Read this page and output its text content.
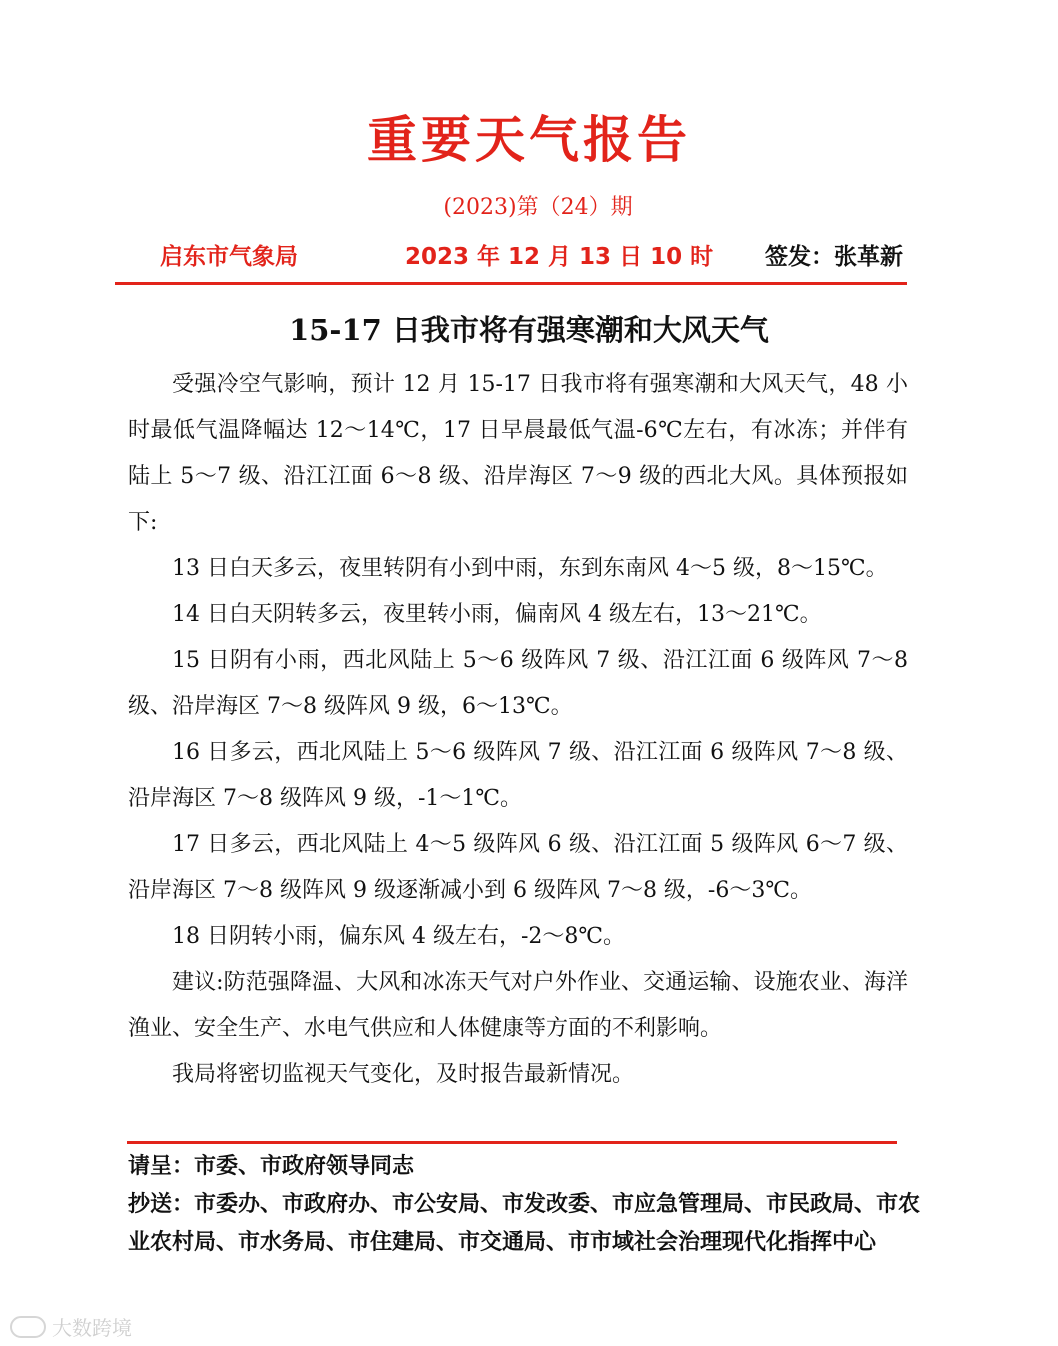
重要天气报告
(2023)第（24）期
启东市气象局	2023 年 12 月 13 日 10 时 签发：张革新
15-17 日我市将有强寒潮和大风天气

受强冷空气影响，预计 12 月 15-17 日我市将有强寒潮和大风天气，48 小时最低气温降幅达 12～14℃，17 日早晨最低气温-6℃左右，有冰冻；并伴有陆上 5～7 级、沿江江面 6～8 级、沿岸海区 7～9 级的西北大风。具体预报如下:

13 日白天多云，夜里转阴有小到中雨，东到东南风 4～5 级，8～15℃。

14 日白天阴转多云，夜里转小雨，偏南风 4 级左右，13～21℃。

15 日阴有小雨，西北风陆上 5～6 级阵风 7 级、沿江江面 6 级阵风 7～8 级、沿岸海区 7～8 级阵风 9 级，6～13℃。

16 日多云，西北风陆上 5～6 级阵风 7 级、沿江江面 6 级阵风 7～8 级、沿岸海区 7～8 级阵风 9 级，-1～1℃。

17 日多云，西北风陆上 4～5 级阵风 6 级、沿江江面 5 级阵风 6～7 级、沿岸海区 7～8 级阵风 9 级逐渐减小到 6 级阵风 7～8 级，-6～3℃。

18 日阴转小雨，偏东风 4 级左右，-2～8℃。

建议:防范强降温、大风和冰冻天气对户外作业、交通运输、设施农业、海洋渔业、安全生产、水电气供应和人体健康等方面的不利影响。

我局将密切监视天气变化，及时报告最新情况。

请呈：市委、市政府领导同志

抄送：市委办、市政府办、市公安局、市发改委、市应急管理局、市民政局、市农业农村局、市水务局、市住建局、市交通局、市市域社会治理现代化指挥中心

大数跨境
